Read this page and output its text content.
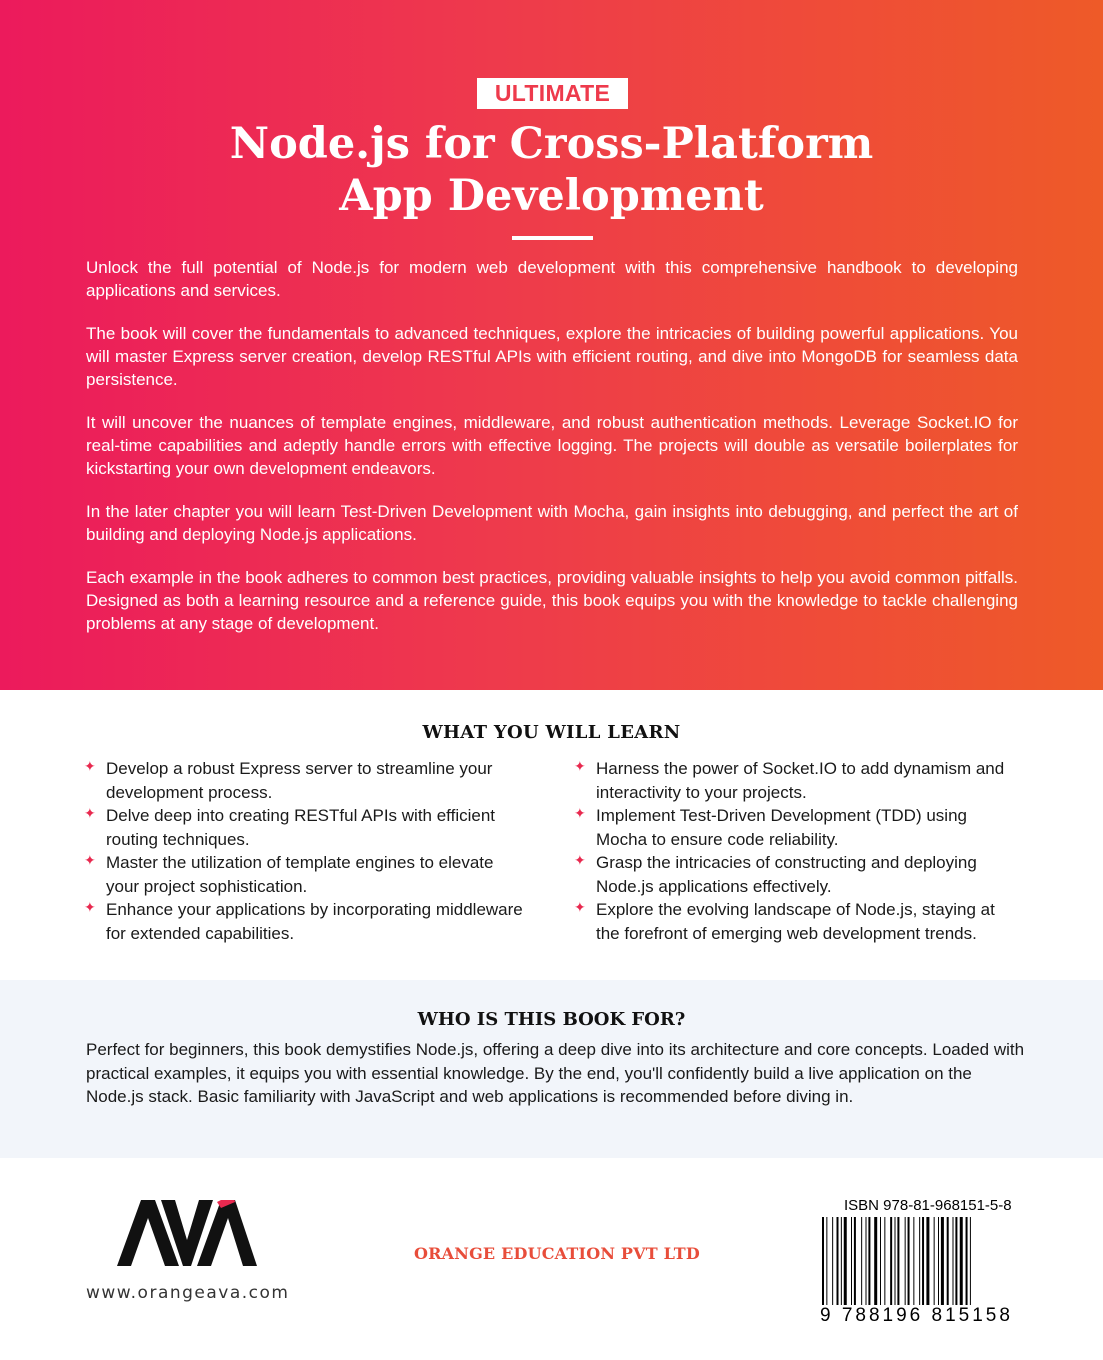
ULTIMATE
Node.js for Cross-Platform
App Development

Unlock the full potential of Node.js for modern web development with this comprehensive handbook to developing applications and services.

The book will cover the fundamentals to advanced techniques, explore the intricacies of building powerful applications. You will master Express server creation, develop RESTful APIs with efficient routing, and dive into MongoDB for seamless data persistence.

It will uncover the nuances of template engines, middleware, and robust authentication methods. Leverage Socket.IO for real-time capabilities and adeptly handle errors with effective logging. The projects will double as versatile boilerplates for kickstarting your own development endeavors.

In the later chapter you will learn Test-Driven Development with Mocha, gain insights into debugging, and perfect the art of building and deploying Node.js applications.

Each example in the book adheres to common best practices, providing valuable insights to help you avoid common pitfalls. Designed as both a learning resource and a reference guide, this book equips you with the knowledge to tackle challenging problems at any stage of development.

WHAT YOU WILL LEARN
✦ Develop a robust Express server to streamline your development process.
✦ Delve deep into creating RESTful APIs with efficient routing techniques.
✦ Master the utilization of template engines to elevate your project sophistication.
✦ Enhance your applications by incorporating middleware for extended capabilities.
✦ Harness the power of Socket.IO to add dynamism and interactivity to your projects.
✦ Implement Test-Driven Development (TDD) using Mocha to ensure code reliability.
✦ Grasp the intricacies of constructing and deploying Node.js applications effectively.
✦ Explore the evolving landscape of Node.js, staying at the forefront of emerging web development trends.
WHO IS THIS BOOK FOR?
Perfect for beginners, this book demystifies Node.js, offering a deep dive into its architecture and core concepts. Loaded with practical examples, it equips you with essential knowledge. By the end, you'll confidently build a live application on the Node.js stack. Basic familiarity with JavaScript and web applications is recommended before diving in.
www.orangeava.com
ORANGE EDUCATION PVT LTD
ISBN 978-81-968151-5-8
9 788196 815158
